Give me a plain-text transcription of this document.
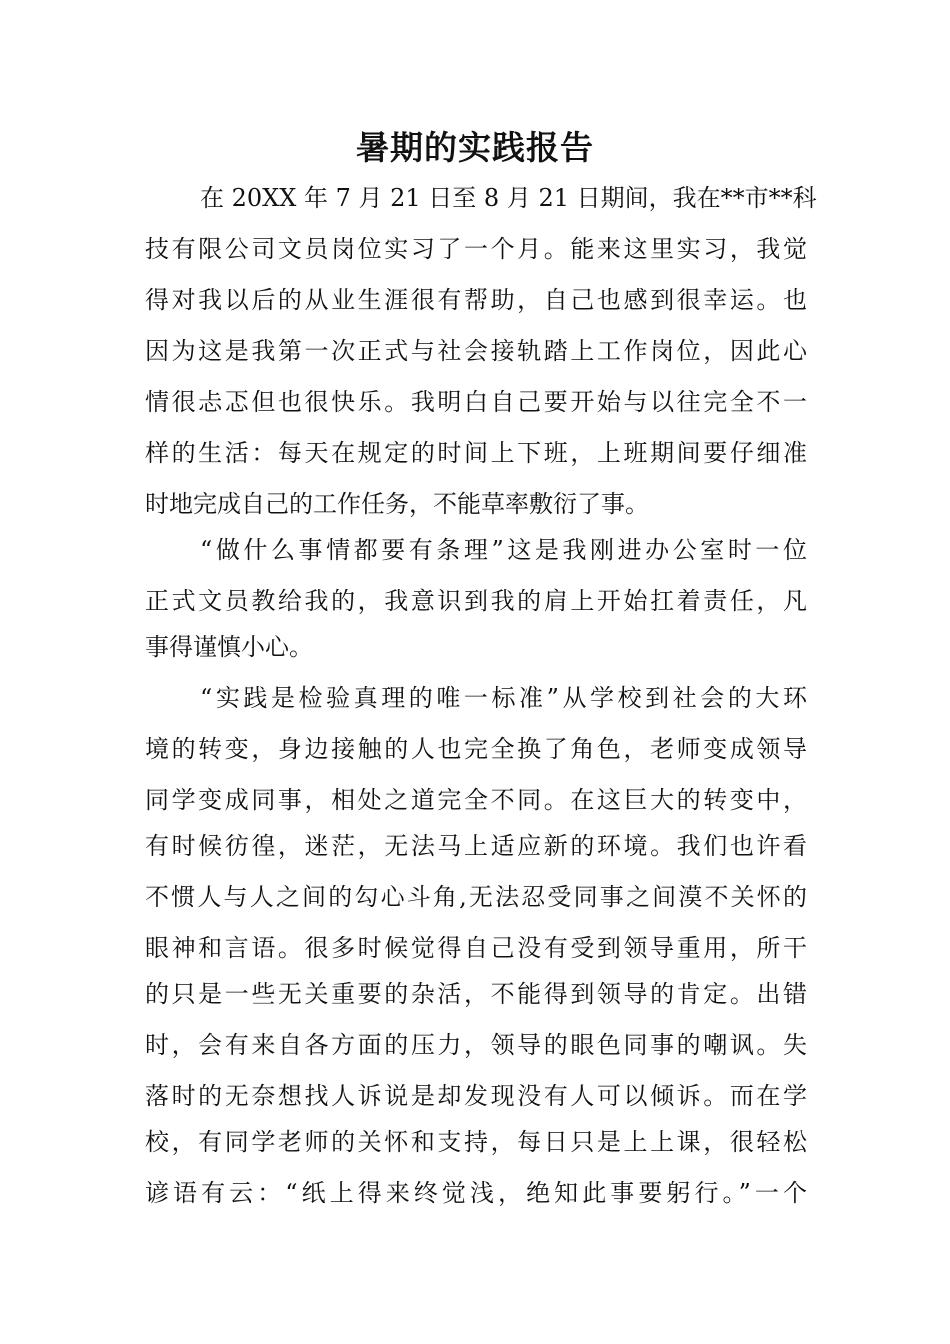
暑期的实践报告

在 20XX 年 7 月 21 日至 8 月 21 日期间，我在**市**科

技有限公司文员岗位实习了一个月。能来这里实习，我觉

得对我以后的从业生涯很有帮助，自己也感到很幸运。也

因为这是我第一次正式与社会接轨踏上工作岗位，因此心

情很忐忑但也很快乐。我明白自己要开始与以往完全不一

样的生活：每天在规定的时间上下班，上班期间要仔细准

时地完成自己的工作任务，不能草率敷衍了事。

“做什么事情都要有条理”这是我刚进办公室时一位

正式文员教给我的，我意识到我的肩上开始扛着责任，凡

事得谨慎小心。

“实践是检验真理的唯一标准”从学校到社会的大环

境的转变，身边接触的人也完全换了角色，老师变成领导

同学变成同事，相处之道完全不同。在这巨大的转变中，

有时候彷徨，迷茫，无法马上适应新的环境。我们也许看

不惯人与人之间的勾心斗角,无法忍受同事之间漠不关怀的

眼神和言语。很多时候觉得自己没有受到领导重用，所干

的只是一些无关重要的杂活，不能得到领导的肯定。出错

时，会有来自各方面的压力，领导的眼色同事的嘲讽。失

落时的无奈想找人诉说是却发现没有人可以倾诉。而在学

校，有同学老师的关怀和支持，每日只是上上课，很轻松

谚语有云：“纸上得来终觉浅，绝知此事要躬行。”一个
